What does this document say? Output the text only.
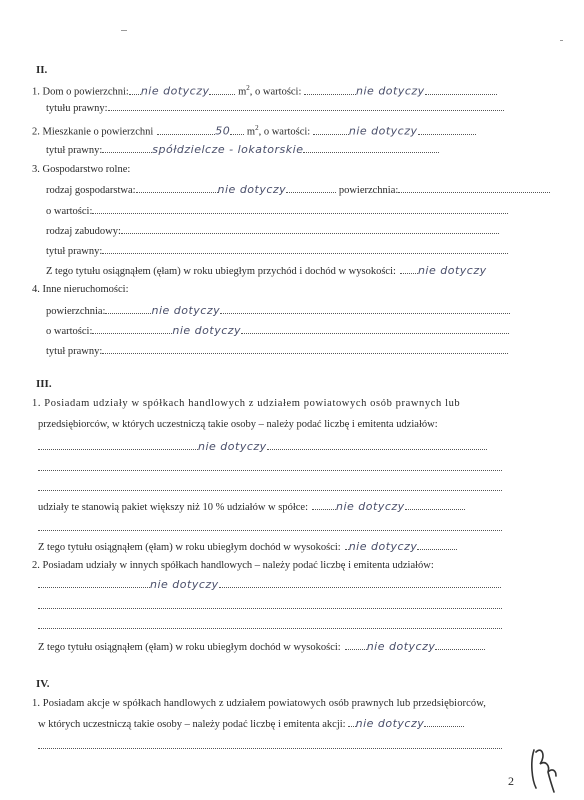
II.
1. Dom o powierzchni: nie dotyczy	$m^2$, o wartości:	nie dotyczy
tytułu prawny:
2. Mieszkanie o powierzchni	50 $m^2$, o wartości:	nie dotyczy
tytuł prawny:	spółdzielcze - lokatorskie
3. Gospodarstwo rolne:
rodzaj gospodarstwa:	nie dotyczy	powierzchnia:
o wartości:
rodzaj zabudowy:
tytuł prawny:
Z tego tytułu osiągnąłem (ęłam) w roku ubiegłym przychód i dochód w wysokości: nie dotyczy
4. Inne nieruchomości:
powierzchnia:	nie dotyczy
o wartości:	nie dotyczy
tytuł prawny:
III.
1. Posiadam udziały w spółkach handlowych z udziałem powiatowych osób prawnych lub
przedsiębiorców, w których uczestniczą takie osoby – należy podać liczbę i emitenta udziałów:
nie dotyczy
udziały te stanowią pakiet większy niż 10 % udziałów w spółce:	nie dotyczy
Z tego tytułu osiągnąłem (ęłam) w roku ubiegłym dochód w wysokości: nie dotyczy
2. Posiadam udziały w innych spółkach handlowych – należy podać liczbę i emitenta udziałów:
nie dotyczy
Z tego tytułu osiągnąłem (ęłam) w roku ubiegłym dochód w wysokości: nie dotyczy
IV.
1. Posiadam akcje w spółkach handlowych z udziałem powiatowych osób prawnych lub przedsiębiorców,
w których uczestniczą takie osoby – należy podać liczbę i emitenta akcji: nie dotyczy
2
